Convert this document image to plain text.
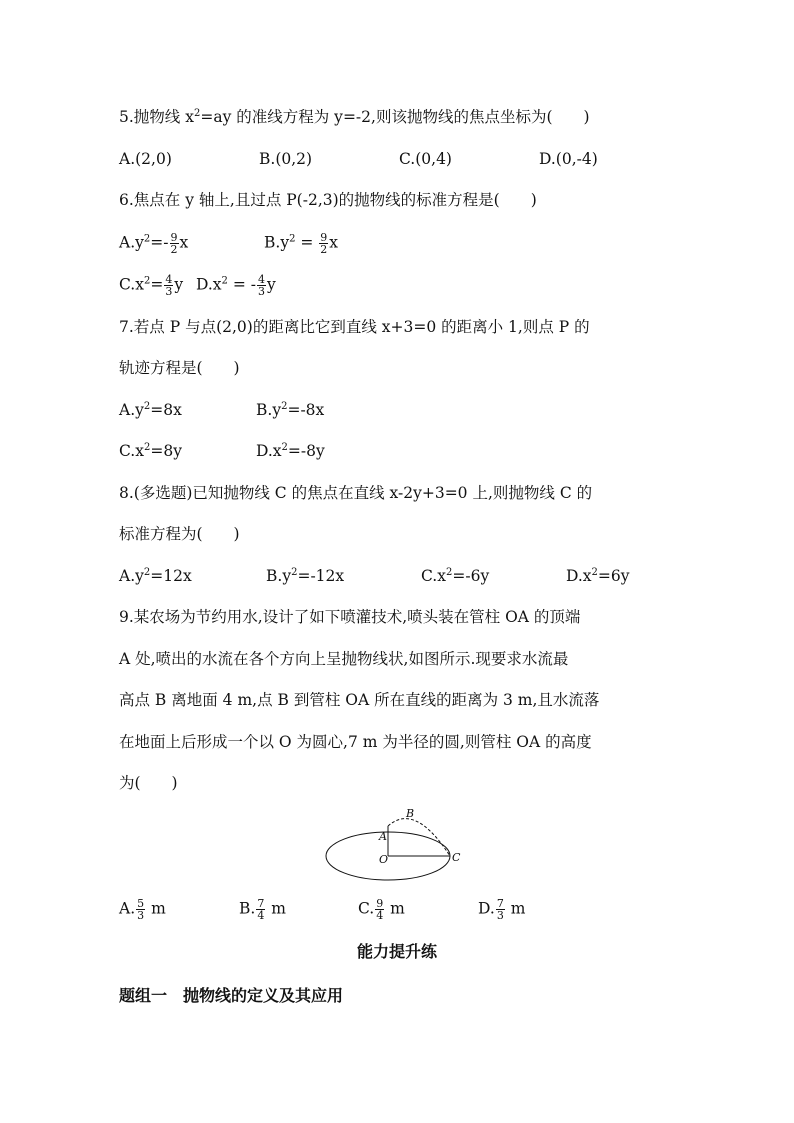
5.抛物线 $x^2=ay$ 的准线方程为 y=-2,则该抛物线的焦点坐标为(　　)
A.(2,0)	B.(0,2)	C.(0,4)	D.(0,-4)
6.焦点在 y 轴上,且过点 P(-2,3)的抛物线的标准方程是(　　)
$A.y^2=- \frac{9}{2}$ x	$B.y^2 = \frac{9}{2}$ x
$C.x^2= \frac{4}{3}$ y $D.x^2$ = - $\frac{4}{3}$ y
7.若点 P 与点(2,0)的距离比它到直线 x+3=0 的距离小 1,则点 P 的
轨迹方程是(　　)
$A.y^2=8x$	$B.y^2=-8x$
$C.x^2=8y$	$D.x^2=-8y$
8.(多选题)已知抛物线 C 的焦点在直线 x-2y+3=0 上,则抛物线 C 的
标准方程为(　　)
$A.y^2=12x$	$B.y^2=-12x$	$C.x^2=-6y$	$D.x^2=6y$
9.某农场为节约用水,设计了如下喷灌技术,喷头装在管柱 OA 的顶端
A 处,喷出的水流在各个方向上呈抛物线状,如图所示.现要求水流最
高点 B 离地面 4 m,点 B 到管柱 OA 所在直线的距离为 3 m,且水流落
在地面上后形成一个以 O 为圆心,7 m 为半径的圆,则管柱 OA 的高度
为(　　)
B
A
O	C
A. $\frac{5}{3}$ m	B. $\frac{7}{4}$ m	C. $\frac{9}{4}$ m	D. $\frac{7}{3}$ m
能力提升练
题组一　抛物线的定义及其应用
